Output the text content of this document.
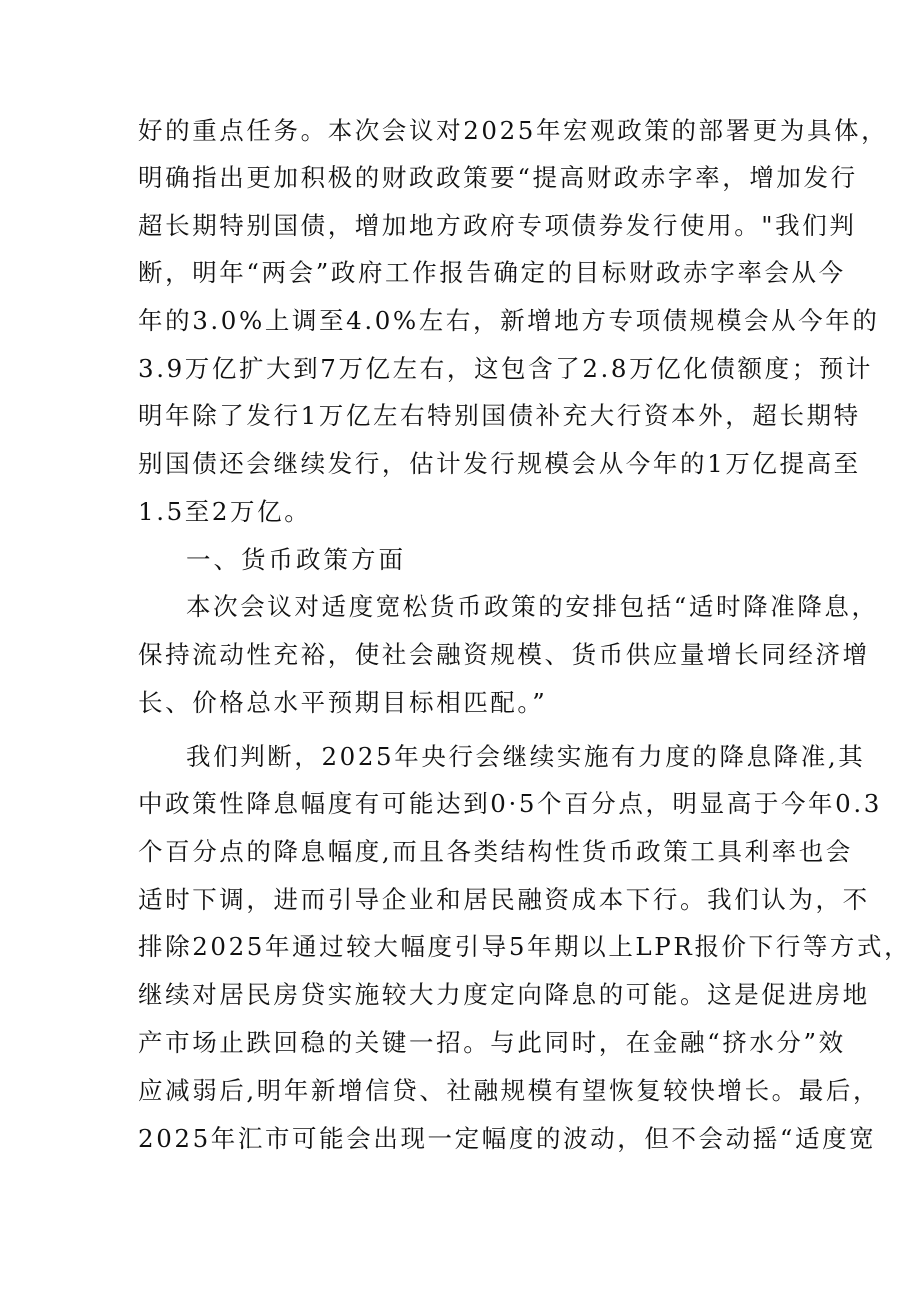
好的重点任务。本次会议对2025年宏观政策的部署更为具体，
明确指出更加积极的财政政策要“提高财政赤字率，增加发行
超长期特别国债，增加地方政府专项债券发行使用。"我们判
断，明年“两会”政府工作报告确定的目标财政赤字率会从今
年的3.0%上调至4.0%左右，新增地方专项债规模会从今年的
3.9万亿扩大到7万亿左右，这包含了2.8万亿化债额度；预计
明年除了发行1万亿左右特别国债补充大行资本外，超长期特
别国债还会继续发行，估计发行规模会从今年的1万亿提高至
1.5至2万亿。
一、货币政策方面
本次会议对适度宽松货币政策的安排包括“适时降准降息，
保持流动性充裕，使社会融资规模、货币供应量增长同经济增
长、价格总水平预期目标相匹配。”
我们判断，2025年央行会继续实施有力度的降息降准,其
中政策性降息幅度有可能达到0·5个百分点，明显高于今年0.3
个百分点的降息幅度,而且各类结构性货币政策工具利率也会
适时下调，进而引导企业和居民融资成本下行。我们认为，不
排除2025年通过较大幅度引导5年期以上LPR报价下行等方式，
继续对居民房贷实施较大力度定向降息的可能。这是促进房地
产市场止跌回稳的关键一招。与此同时，在金融“挤水分”效
应减弱后,明年新增信贷、社融规模有望恢复较快增长。最后，
2025年汇市可能会出现一定幅度的波动，但不会动摇“适度宽
